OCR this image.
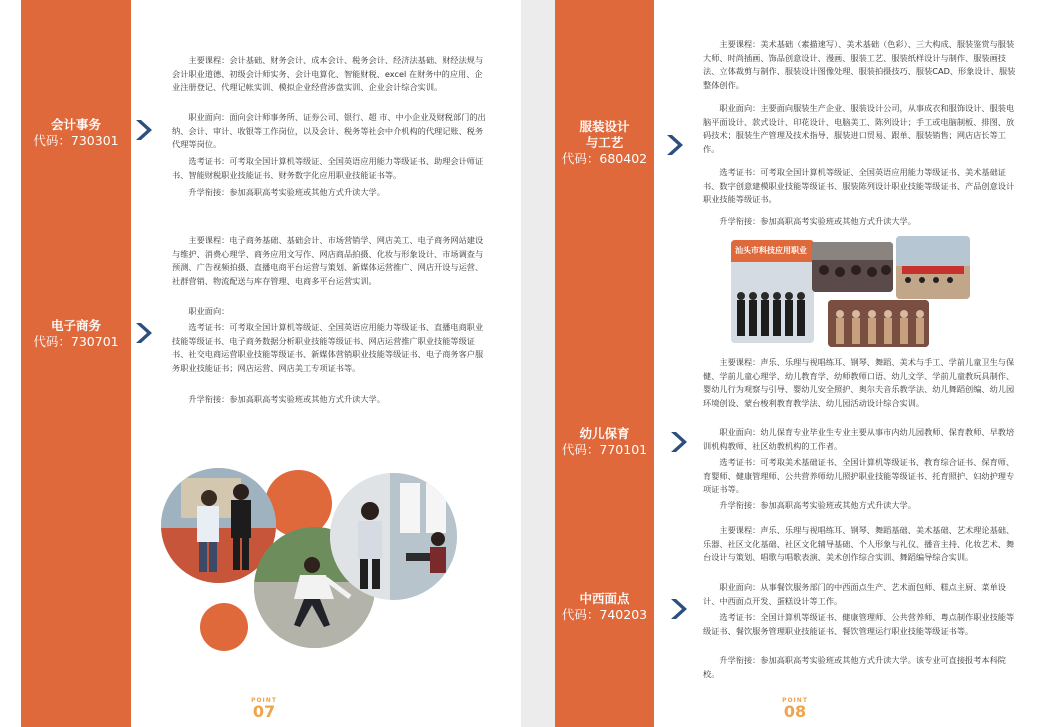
会计事务
代码：730301
主要课程：会计基础、财务会计、成本会计、税务会计、经济法基础、财经法规与会计职业道德、初级会计师实务、会计电算化、智能财税、excel 在财务中的应用、企业注册登记、代理记帐实训、模拟企业经营涉盘实训、企业会计综合实训。
职业面向：面向会计师事务所、证券公司、银行、超 市、中小企业及财税部门的出纳、会计、审计、收银等工作岗位，以及会计、税务等社会中介机构的代理记账、税务代理等岗位。
选考证书：可考取全国计算机等级证、全国英语应用能力等级证书、助理会计师证书、智能财税职业技能证书、财务数字化应用职业技能证书等。
升学衔接：参加高职高考实验班或其他方式升读大学。
电子商务
代码：730701
主要课程：电子商务基础、基础会计、市场营销学、网店美工、电子商务网站建设与维护、消费心理学、商务应用文写作、网店商品拍摄、化妆与形象设计、市场调查与预测、广告视频拍摄、直播电商平台运营与策划、新媒体运营推广、网店开设与运营、社群营销、物流配送与库存管理、电商多平台运营实训。
职业面向：
选考证书：可考取全国计算机等级证、全国英语应用能力等级证书、直播电商职业技能等级证书、电子商务数据分析职业技能等级证书、网店运营推广职业技能等级证书、社交电商运营职业技能等级证书、新媒体营销职业技能等级证书、电子商务客户服务职业技能证书；网店运营、网店美工专项证书等。
升学衔接：参加高职高考实验班或其他方式升读大学。
POINT
07
服装设计
与工艺
代码：680402
主要课程：美术基础（素描速写）、美术基础（色彩）、三大构成、服装鉴赏与服装大师、时尚插画、饰品创意设计、漫画、服装工艺、服装纸样设计与制作、服装画技法、立体裁剪与制作、服装设计图像处理、服装拍摄技巧、服装CAD、形象设计、服装整体创作。
职业面向：主要面向服装生产企业、服装设计公司，从事成衣和服饰设计、服装电脑平面设计、款式设计、印花设计、电脑美工、陈列设计；手工或电脑制板、排图、放码技术；服装生产管理及技术指导、服装进口贸易、跟单、服装销售；网店店长等工作。
选考证书：可考取全国计算机等级证、全国英语应用能力等级证书、美术基础证书、数字创意建模职业技能等级证书、服装陈列设计职业技能等级证书、产品创意设计职业技能等级证书。
升学衔接：参加高职高考实验班或其他方式升读大学。
汕头市科技应用职业
幼儿保育
代码：770101
主要课程：声乐、乐理与视唱练耳、钢琴、舞蹈、美术与手工、学前儿童卫生与保健、学前儿童心理学、幼儿教育学、幼师教师口语、幼儿文学、学前儿童教玩具制作、婴幼儿行为观察与引导、婴幼儿安全照护、奥尔夫音乐教学法、幼儿舞蹈创编、幼儿园环境创设、蒙台梭利教育教学法、幼儿园活动设计综合实训。
职业面向：幼儿保育专业毕业生专业主要从事市内幼儿园教师、保育教师、早教培训机构教师、社区幼教机构的工作者。
选考证书：可考取美术基础证书、全国计算机等级证书、教育综合证书、保育师、育婴师、健康管理师、公共营养师幼儿照护职业技能等级证书、托育照护、妇幼护理专项证书等。
升学衔接：参加高职高考实验班或其他方式升读大学。
中西面点
代码：740203
主要课程：声乐、乐理与视唱练耳、钢琴、舞蹈基础、美术基础、艺术理论基础、乐器、社区文化基础、社区文化辅导基础、个人形象与礼仪、播音主持、化妆艺术、舞台设计与策划、唱歌与唱歌表演、美术创作综合实训、舞蹈编导综合实训。
职业面向：从事餐饮服务部门的中西面点生产、艺术面包师、糕点主厨、菜单设计、中西面点开发、蛋糕设计等工作。
选考证书：全国计算机等级证书、健康管理师、公共营养师、粤点制作职业技能等级证书、餐饮服务管理职业技能证书、餐饮管理运行职业技能等级证书等。
升学衔接：参加高职高考实验班或其他方式升读大学。该专业可直接报考本科院校。
POINT
08
